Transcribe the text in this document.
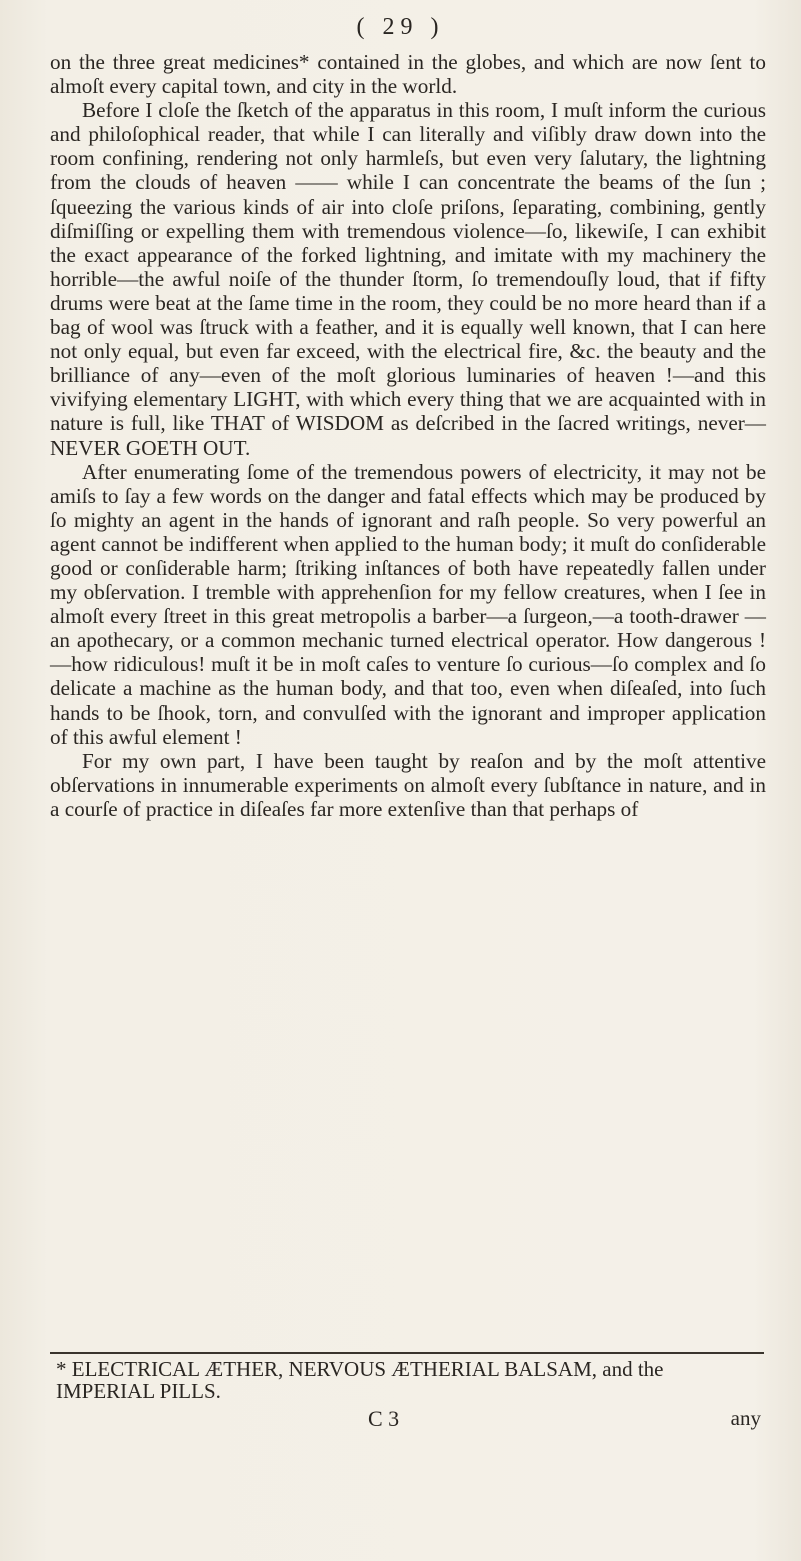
( 29 )

on the three great medicines* contained in the globes, and which are now ſent to almoſt every capital town, and city in the world.

Before I cloſe the ſketch of the apparatus in this room, I muſt inform the curious and philoſophical reader, that while I can literally and viſibly draw down into the room confining, rendering not only harmleſs, but even very ſalutary, the lightning from the clouds of heaven —— while I can concentrate the beams of the ſun ; ſqueezing the various kinds of air into cloſe priſons, ſeparating, combining, gently diſmiſſing or expelling them with tremendous violence—ſo, likewiſe, I can exhibit the exact appearance of the forked lightning, and imitate with my machinery the horrible—the awful noiſe of the thunder ſtorm, ſo tremendouſly loud, that if fifty drums were beat at the ſame time in the room, they could be no more heard than if a bag of wool was ſtruck with a feather, and it is equally well known, that I can here not only equal, but even far exceed, with the electrical fire, &c. the beauty and the brilliance of any—even of the moſt glorious luminaries of heaven !—and this vivifying elementary LIGHT, with which every thing that we are acquainted with in nature is full, like THAT of WISDOM as deſcribed in the ſacred writings, never—NEVER GOETH OUT.

After enumerating ſome of the tremendous powers of electricity, it may not be amiſs to ſay a few words on the danger and fatal effects which may be produced by ſo mighty an agent in the hands of ignorant and raſh people. So very powerful an agent cannot be indifferent when applied to the human body; it muſt do conſiderable good or conſiderable harm; ſtriking inſtances of both have repeatedly fallen under my obſervation. I tremble with apprehenſion for my fellow creatures, when I ſee in almoſt every ſtreet in this great metropolis a barber—a ſurgeon,—a tooth-drawer —an apothecary, or a common mechanic turned electrical operator. How dangerous !—how ridiculous! muſt it be in moſt caſes to venture ſo curious—ſo complex and ſo delicate a machine as the human body, and that too, even when diſeaſed, into ſuch hands to be ſhook, torn, and convulſed with the ignorant and improper application of this awful element !

For my own part, I have been taught by reaſon and by the moſt attentive obſervations in innumerable experiments on almoſt every ſubſtance in nature, and in a courſe of practice in diſeaſes far more extenſive than that perhaps of

* ELECTRICAL ÆTHER, NERVOUS ÆTHERIAL BALSAM, and the IMPERIAL PILLS.
C 3	any
